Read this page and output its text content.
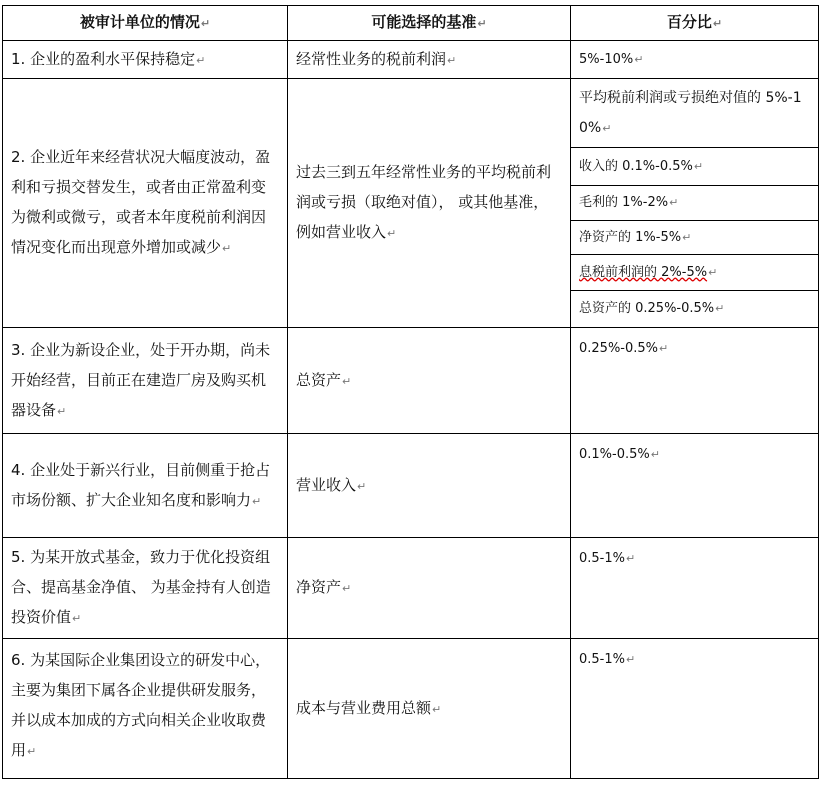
被审计单位的情况↵	可能选择的基准↵	百分比↵
1. 企业的盈利水平保持稳定↵	经常性业务的税前利润↵	5%-10%↵
2. 企业近年来经营状况大幅度波动，盈利和亏损交替发生，或者由正常盈利变为微利或微亏，或者本年度税前利润因情况变化而出现意外增加或减少↵	过去三到五年经常性业务的平均税前利润或亏损（取绝对值）， 或其他基准，例如营业收入↵	平均税前利润或亏损绝对值的 5%-10%↵
		收入的 0.1%-0.5%↵
		毛利的 1%-2%↵
		净资产的 1%-5%↵
		息税前利润的 2%-5%↵
		总资产的 0.25%-0.5%↵
3. 企业为新设企业，处于开办期，尚未开始经营，目前正在建造厂房及购买机器设备↵	总资产↵	0.25%-0.5%↵
4. 企业处于新兴行业，目前侧重于抢占市场份额、扩大企业知名度和影响力↵	营业收入↵	0.1%-0.5%↵
5. 为某开放式基金，致力于优化投资组合、提高基金净值、 为基金持有人创造投资价值↵	净资产↵	0.5-1%↵
6. 为某国际企业集团设立的研发中心，主要为集团下属各企业提供研发服务，并以成本加成的方式向相关企业收取费用↵	成本与营业费用总额↵	0.5-1%↵
